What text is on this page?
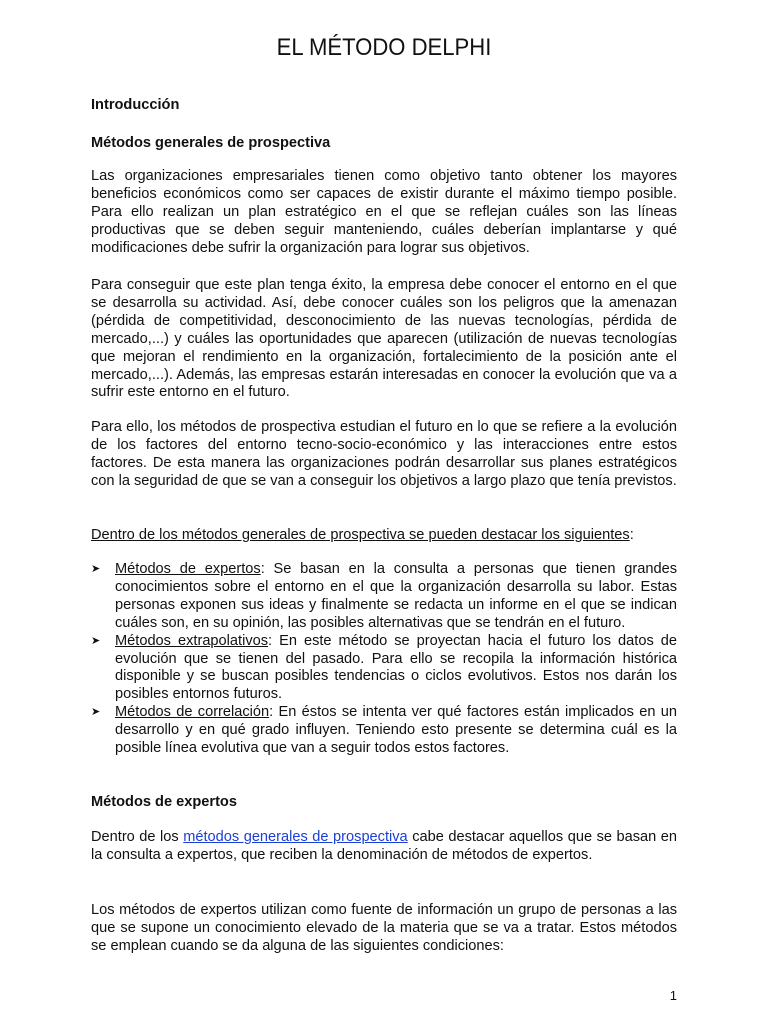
EL MÉTODO DELPHI

Introducción

Métodos generales de prospectiva

Las organizaciones empresariales tienen como objetivo tanto obtener los mayores beneficios económicos como ser capaces de existir durante el máximo tiempo posible. Para ello realizan un plan estratégico en el que se reflejan cuáles son las líneas productivas que se deben seguir manteniendo, cuáles deberían implantarse y qué modificaciones debe sufrir la organización para lograr sus objetivos.

Para conseguir que este plan tenga éxito, la empresa debe conocer el entorno en el que se desarrolla su actividad. Así, debe conocer cuáles son los peligros que la amenazan (pérdida de competitividad, desconocimiento de las nuevas tecnologías, pérdida de mercado,...) y cuáles las oportunidades que aparecen (utilización de nuevas tecnologías que mejoran el rendimiento en la organización, fortalecimiento de la posición ante el mercado,...). Además, las empresas estarán interesadas en conocer la evolución que va a sufrir este entorno en el futuro.

Para ello, los métodos de prospectiva estudian el futuro en lo que se refiere a la evolución de los factores del entorno tecno-socio-económico y las interacciones entre estos factores. De esta manera las organizaciones podrán desarrollar sus planes estratégicos con la seguridad de que se van a conseguir los objetivos a largo plazo que tenía previstos.

Dentro de los métodos generales de prospectiva se pueden destacar los siguientes:

➤ Métodos de expertos: Se basan en la consulta a personas que tienen grandes conocimientos sobre el entorno en el que la organización desarrolla su labor. Estas personas exponen sus ideas y finalmente se redacta un informe en el que se indican cuáles son, en su opinión, las posibles alternativas que se tendrán en el futuro.
➤ Métodos extrapolativos: En este método se proyectan hacia el futuro los datos de evolución que se tienen del pasado. Para ello se recopila la información histórica disponible y se buscan posibles tendencias o ciclos evolutivos. Estos nos darán los posibles entornos futuros.
➤ Métodos de correlación: En éstos se intenta ver qué factores están implicados en un desarrollo y en qué grado influyen. Teniendo esto presente se determina cuál es la posible línea evolutiva que van a seguir todos estos factores.

Métodos de expertos

Dentro de los métodos generales de prospectiva cabe destacar aquellos que se basan en la consulta a expertos, que reciben la denominación de métodos de expertos.

Los métodos de expertos utilizan como fuente de información un grupo de personas a las que se supone un conocimiento elevado de la materia que se va a tratar. Estos métodos se emplean cuando se da alguna de las siguientes condiciones:

1
